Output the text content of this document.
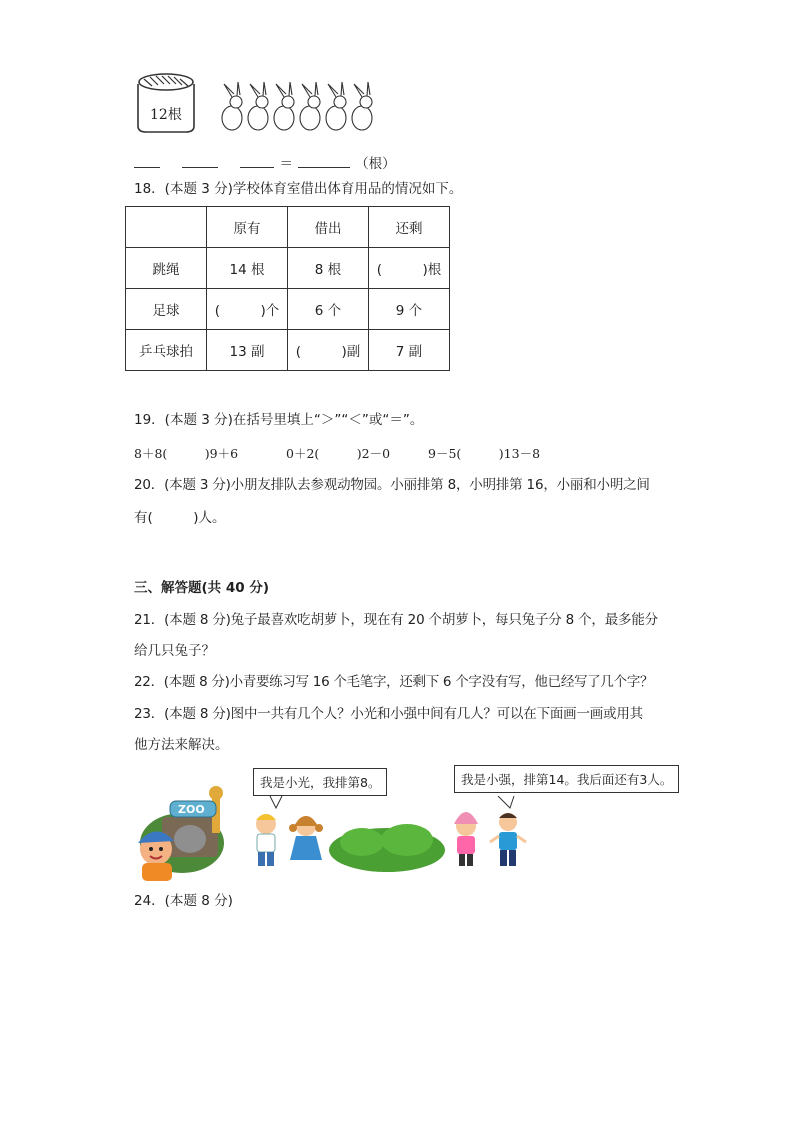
12根
＝	（根）
18．(本题 3 分)学校体育室借出体育用品的情况如下。
	原有	借出	还剩
跳绳	14 根	8 根	(　　　)根
足球	(　　　)个	6 个	9 个
乒乓球拍	13 副	(　　　)副	7 副
19．(本题 3 分)在括号里填上“＞”“＜”或“＝”。
8＋8(　　　)9＋6	0＋2(　　　)2－0	9－5(　　　)13－8
20．(本题 3 分)小朋友排队去参观动物园。小丽排第 8，小明排第 16，小丽和小明之间
有(　　　)人。
三、解答题(共 40 分)
21．(本题 8 分)兔子最喜欢吃胡萝卜，现在有 20 个胡萝卜，每只兔子分 8 个，最多能分
给几只兔子？
22．(本题 8 分)小青要练习写 16 个毛笔字，还剩下 6 个字没有写，他已经写了几个字？
23．(本题 8 分)图中一共有几个人？小光和小强中间有几人？可以在下面画一画或用其
他方法来解决。
ZOO
我是小光，我排第8。	我是小强，排第14。我后面还有3人。
24．(本题 8 分)
